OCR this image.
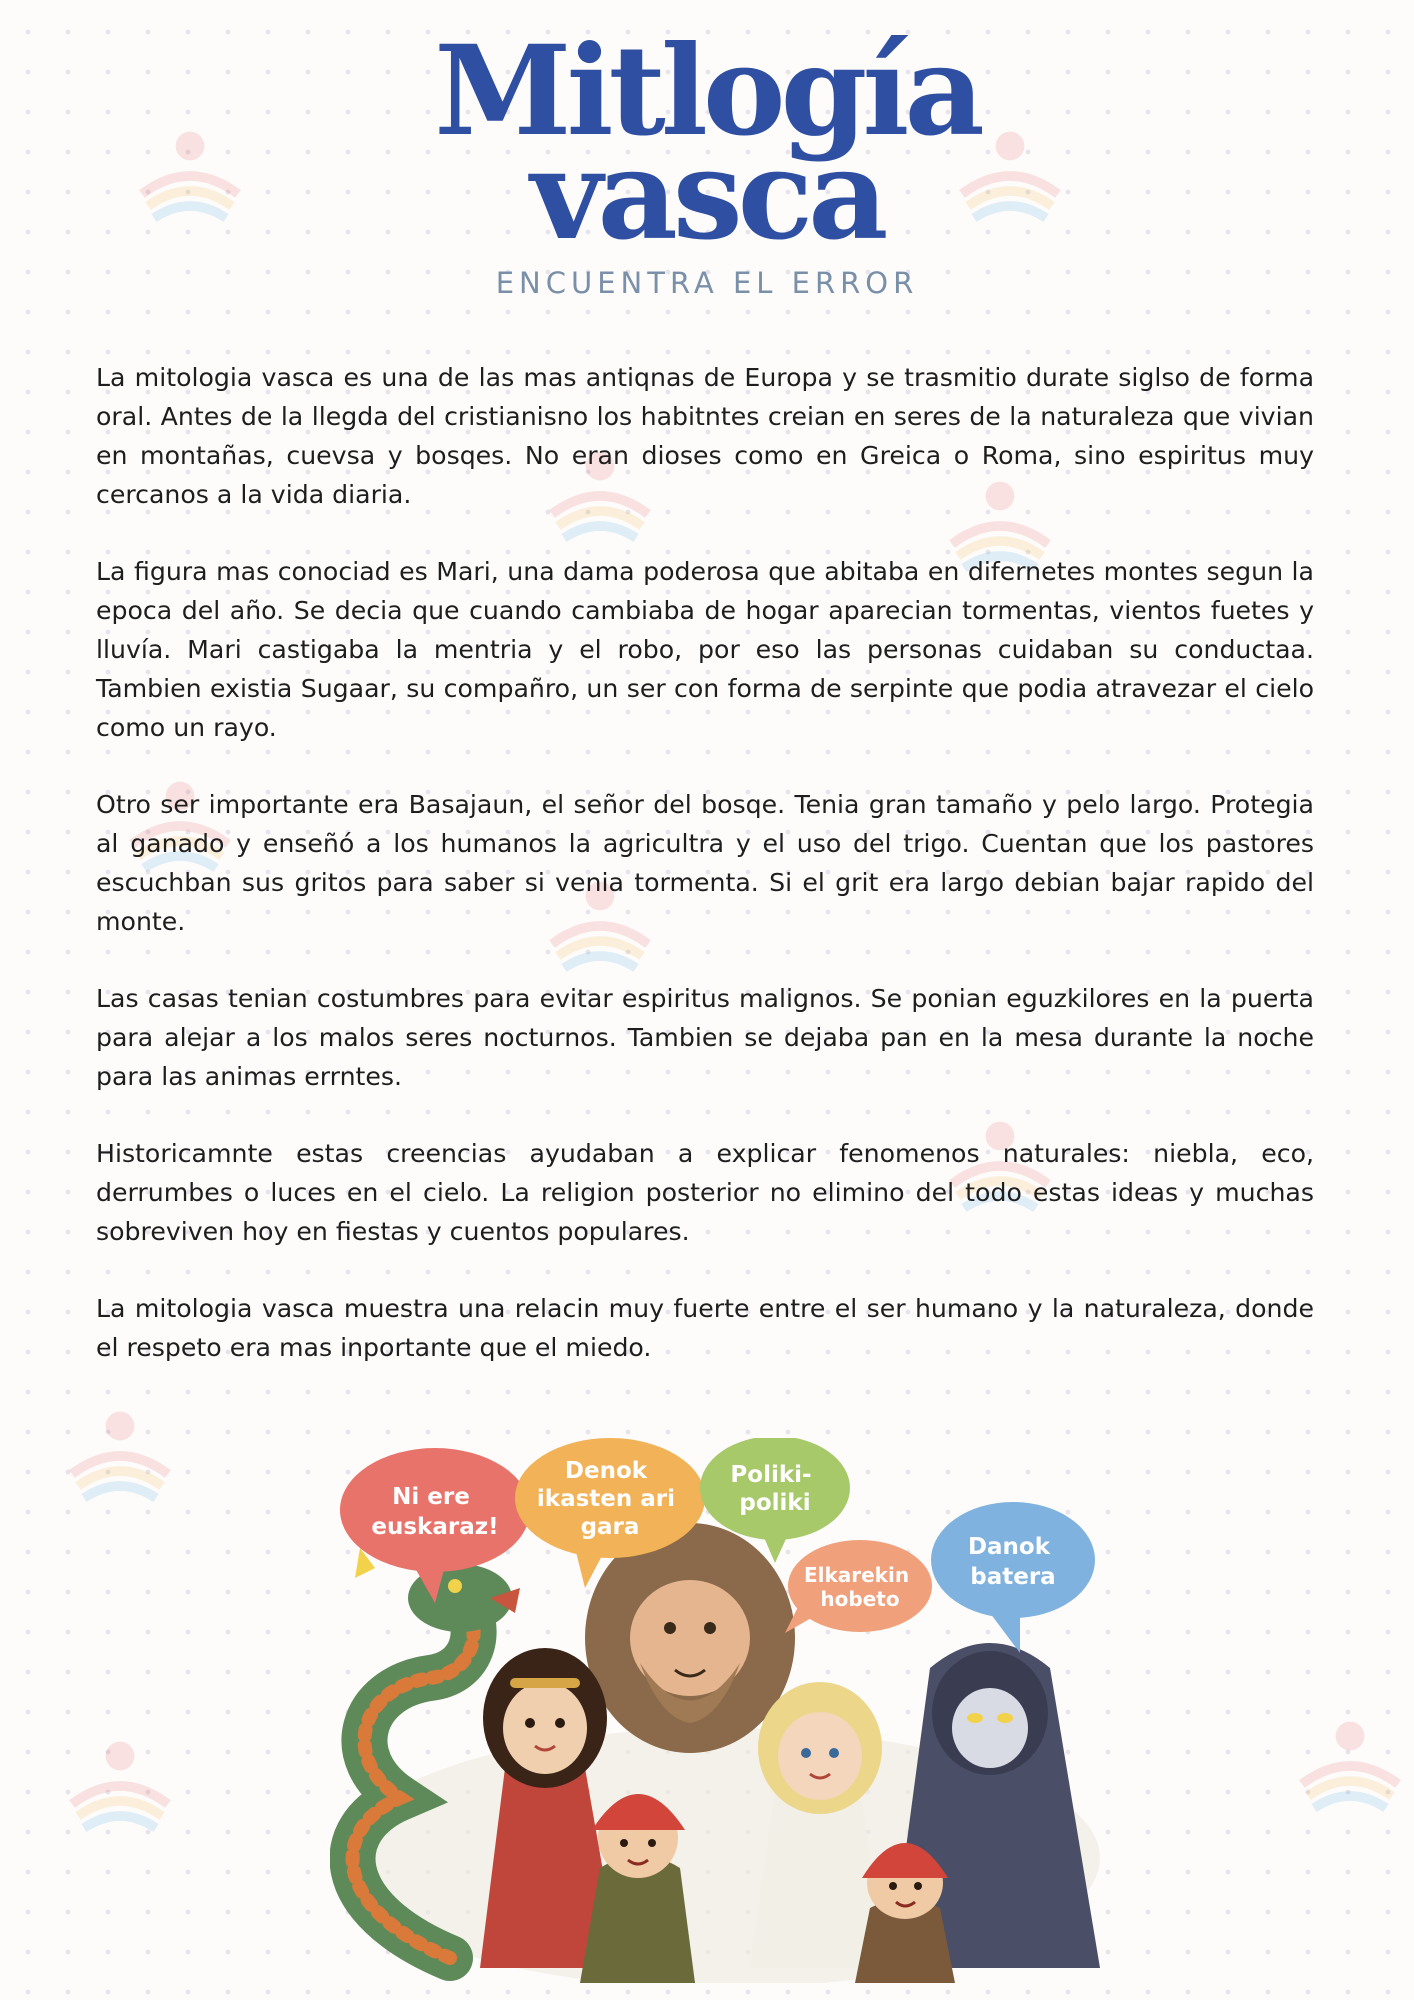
Mitlogía
vasca
ENCUENTRA EL ERROR

La mitologia vasca es una de las mas antiqnas de Europa y se trasmitio durate siglso de forma oral. Antes de la llegda del cristianisno los habitntes creian en seres de la naturaleza que vivian en montañas, cuevsa y bosqes. No eran dioses como en Greica o Roma, sino espiritus muy cercanos a la vida diaria.

La figura mas conociad es Mari, una dama poderosa que abitaba en difernetes montes segun la epoca del año. Se decia que cuando cambiaba de hogar aparecian tormentas, vientos fuetes y lluvía. Mari castigaba la mentria y el robo, por eso las personas cuidaban su conductaa. Tambien existia Sugaar, su compañro, un ser con forma de serpinte que podia atravezar el cielo como un rayo.

Otro ser importante era Basajaun, el señor del bosqe. Tenia gran tamaño y pelo largo. Protegia al ganado y enseñó a los humanos la agricultra y el uso del trigo. Cuentan que los pastores escuchban sus gritos para saber si venia tormenta. Si el grit era largo debian bajar rapido del monte.

Las casas tenian costumbres para evitar espiritus malignos. Se ponian eguzkilores en la puerta para alejar a los malos seres nocturnos. Tambien se dejaba pan en la mesa durante la noche para las animas errntes.

Historicamnte estas creencias ayudaban a explicar fenomenos naturales: niebla, eco, derrumbes o luces en el cielo. La religion posterior no elimino del todo estas ideas y muchas sobreviven hoy en fiestas y cuentos populares.

La mitologia vasca muestra una relacin muy fuerte entre el ser humano y la naturaleza, donde el respeto era mas inportante que el miedo.

Ni ere euskaraz!
Denok ikasten ari gara
Poliki- poliki
Elkarekin hobeto
Danok batera
